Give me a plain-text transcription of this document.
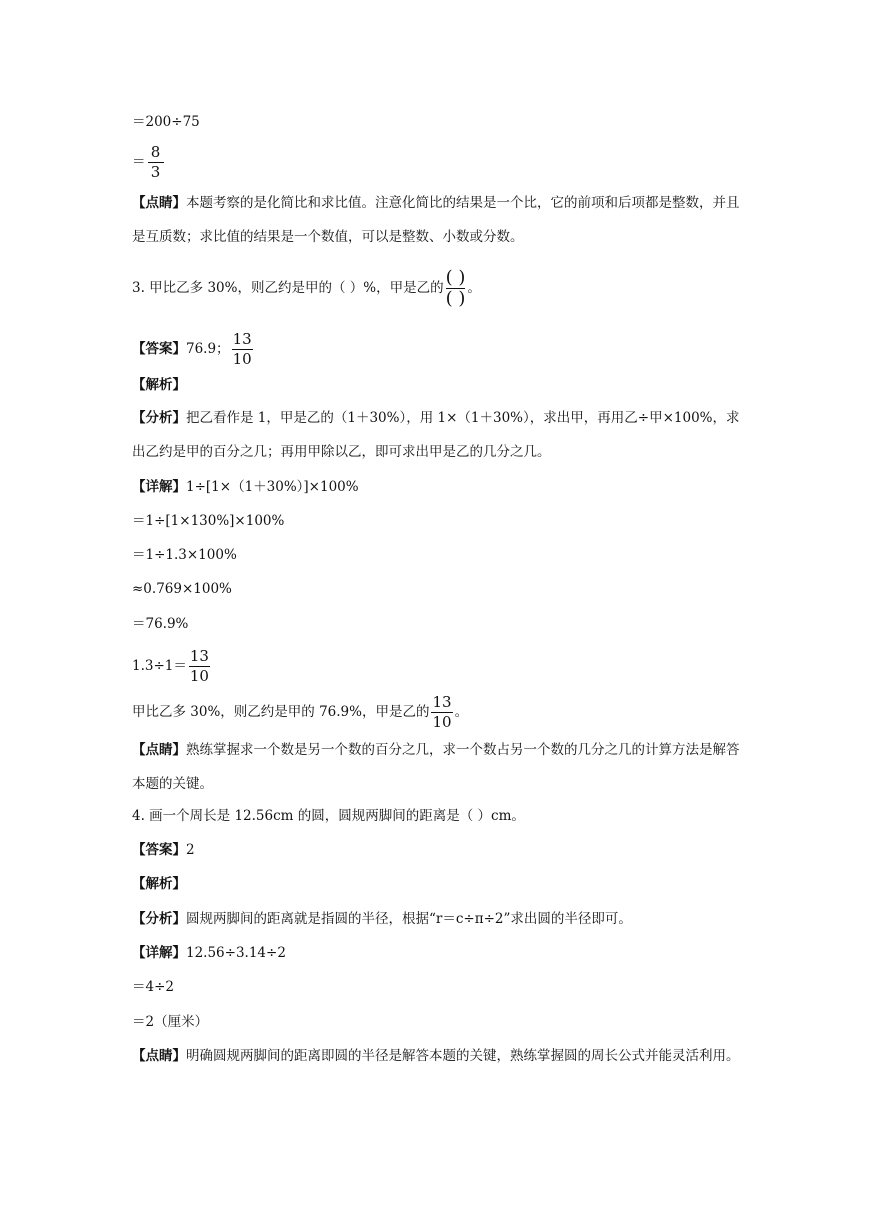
＝200÷75
＝ $\frac{8}{3}$
【点睛】本题考察的是化简比和求比值。注意化简比的结果是一个比，它的前项和后项都是整数，并且是互质数；求比值的结果是一个数值，可以是整数、小数或分数。
3. 甲比乙多 30%，则乙约是甲的（ ）%，甲是乙的 $\frac{( )}{( )}$ 。
【答案】76.9； $\frac{13}{10}$
【解析】
【分析】把乙看作是 1，甲是乙的（1＋30%），用 1×（1＋30%），求出甲，再用乙÷甲×100%，求出乙约是甲的百分之几；再用甲除以乙，即可求出甲是乙的几分之几。
【详解】1÷[1×（1＋30%）]×100%
＝1÷[1×130%]×100%
＝1÷1.3×100%
≈0.769×100%
＝76.9%
$1.3\div 1= \frac{13}{10}$
甲比乙多 30%，则乙约是甲的 76.9%，甲是乙的 $\frac{13}{10}$ 。
【点睛】熟练掌握求一个数是另一个数的百分之几，求一个数占另一个数的几分之几的计算方法是解答本题的关键。
4. 画一个周长是 12.56cm 的圆，圆规两脚间的距离是（ ）cm。
【答案】2
【解析】
【分析】圆规两脚间的距离就是指圆的半径，根据“r＝c÷π÷2”求出圆的半径即可。
【详解】12.56÷3.14÷2
＝4÷2
＝2（厘米）
【点睛】明确圆规两脚间的距离即圆的半径是解答本题的关键，熟练掌握圆的周长公式并能灵活利用。
